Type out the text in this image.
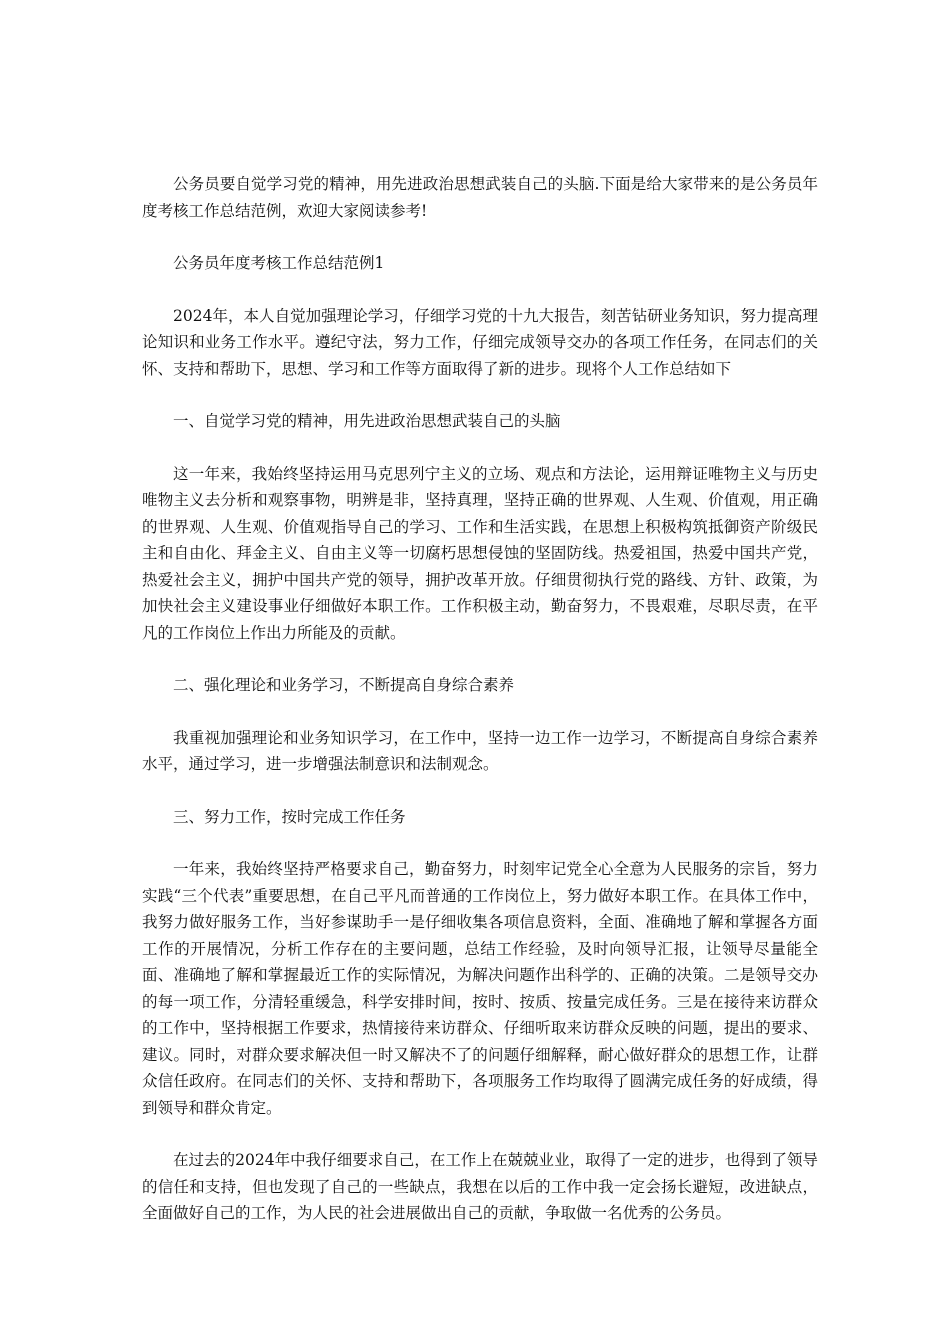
公务员要自觉学习党的精神，用先进政治思想武装自己的头脑.下面是给大家带来的是公务员年度考核工作总结范例，欢迎大家阅读参考!

公务员年度考核工作总结范例1

2024年，本人自觉加强理论学习，仔细学习党的十九大报告，刻苦钻研业务知识，努力提高理论知识和业务工作水平。遵纪守法，努力工作，仔细完成领导交办的各项工作任务，在同志们的关怀、支持和帮助下，思想、学习和工作等方面取得了新的进步。现将个人工作总结如下

一、自觉学习党的精神，用先进政治思想武装自己的头脑

这一年来，我始终坚持运用马克思列宁主义的立场、观点和方法论，运用辩证唯物主义与历史唯物主义去分析和观察事物，明辨是非，坚持真理，坚持正确的世界观、人生观、价值观，用正确的世界观、人生观、价值观指导自己的学习、工作和生活实践，在思想上积极构筑抵御资产阶级民主和自由化、拜金主义、自由主义等一切腐朽思想侵蚀的坚固防线。热爱祖国，热爱中国共产党，热爱社会主义，拥护中国共产党的领导，拥护改革开放。仔细贯彻执行党的路线、方针、政策，为加快社会主义建设事业仔细做好本职工作。工作积极主动，勤奋努力，不畏艰难，尽职尽责，在平凡的工作岗位上作出力所能及的贡献。

二、强化理论和业务学习，不断提高自身综合素养

我重视加强理论和业务知识学习，在工作中，坚持一边工作一边学习，不断提高自身综合素养水平，通过学习，进一步增强法制意识和法制观念。

三、努力工作，按时完成工作任务

一年来，我始终坚持严格要求自己，勤奋努力，时刻牢记党全心全意为人民服务的宗旨，努力实践“三个代表”重要思想，在自己平凡而普通的工作岗位上，努力做好本职工作。在具体工作中，我努力做好服务工作，当好参谋助手一是仔细收集各项信息资料，全面、准确地了解和掌握各方面工作的开展情况，分析工作存在的主要问题，总结工作经验，及时向领导汇报，让领导尽量能全面、准确地了解和掌握最近工作的实际情况，为解决问题作出科学的、正确的决策。二是领导交办的每一项工作，分清轻重缓急，科学安排时间，按时、按质、按量完成任务。三是在接待来访群众的工作中，坚持根据工作要求，热情接待来访群众、仔细听取来访群众反映的问题，提出的要求、建议。同时，对群众要求解决但一时又解决不了的问题仔细解释，耐心做好群众的思想工作，让群众信任政府。在同志们的关怀、支持和帮助下，各项服务工作均取得了圆满完成任务的好成绩，得到领导和群众肯定。

在过去的2024年中我仔细要求自己，在工作上在兢兢业业，取得了一定的进步，也得到了领导的信任和支持，但也发现了自己的一些缺点，我想在以后的工作中我一定会扬长避短，改进缺点，全面做好自己的工作，为人民的社会进展做出自己的贡献，争取做一名优秀的公务员。
